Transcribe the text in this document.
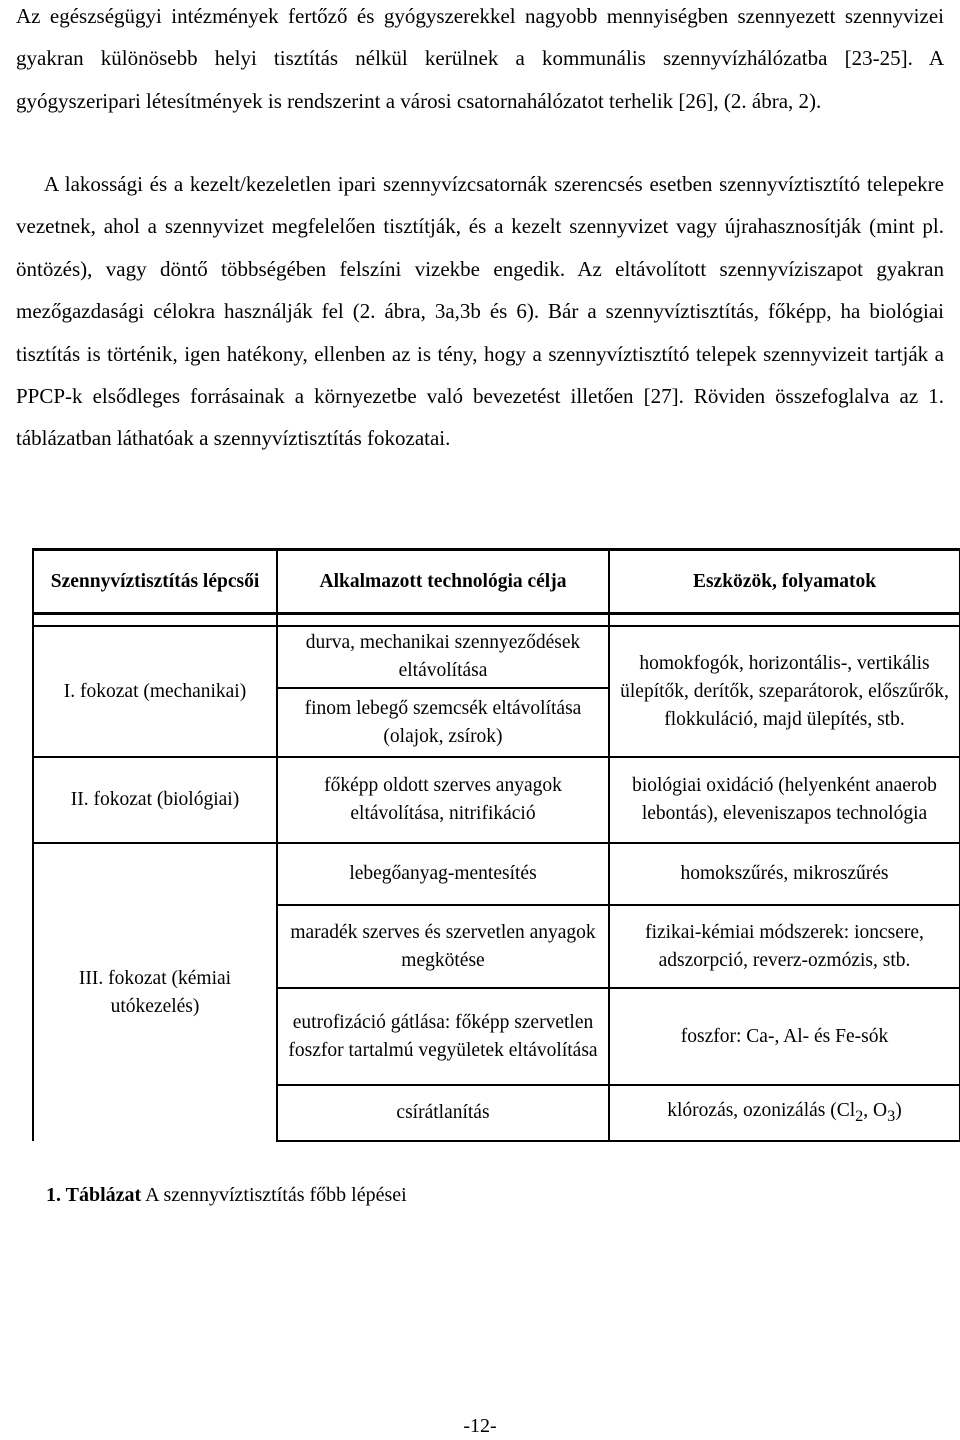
Az egészségügyi intézmények fertőző és gyógyszerekkel nagyobb mennyiségben szennyezett szennyvizei gyakran különösebb helyi tisztítás nélkül kerülnek a kommunális szennyvízhálózatba [23-25]. A gyógyszeripari létesítmények is rendszerint a városi csatornahálózatot terhelik [26], (2. ábra, 2).

A lakossági és a kezelt/kezeletlen ipari szennyvízcsatornák szerencsés esetben szennyvíztisztító telepekre vezetnek, ahol a szennyvizet megfelelően tisztítják, és a kezelt szennyvizet vagy újrahasznosítják (mint pl. öntözés), vagy döntő többségében felszíni vizekbe engedik. Az eltávolított szennyvíziszapot gyakran mezőgazdasági célokra használják fel (2. ábra, 3a,3b és 6). Bár a szennyvíztisztítás, főképp, ha biológiai tisztítás is történik, igen hatékony, ellenben az is tény, hogy a szennyvíztisztító telepek szennyvizeit tartják a PPCP-k elsődleges forrásainak a környezetbe való bevezetést illetően [27]. Röviden összefoglalva az 1. táblázatban láthatóak a szennyvíztisztítás fokozatai.

Szennyvíztisztítás lépcsői	Alkalmazott technológia célja	Eszközök, folyamatok

I. fokozat (mechanikai)	durva, mechanikai szennyeződések eltávolítása	homokfogók, horizontális-, vertikális ülepítők, derítők, szeparátorok, előszűrők, flokkuláció, majd ülepítés, stb.
	finom lebegő szemcsék eltávolítása (olajok, zsírok)	
II. fokozat (biológiai)	főképp oldott szerves anyagok eltávolítása, nitrifikáció	biológiai oxidáció (helyenként anaerob lebontás), eleveniszapos technológia
III. fokozat (kémiai utókezelés)	lebegőanyag-mentesítés	homokszűrés, mikroszűrés
	maradék szerves és szervetlen anyagok megkötése	fizikai-kémiai módszerek: ioncsere, adszorpció, reverz-ozmózis, stb.
	eutrofizáció gátlása: főképp szervetlen foszfor tartalmú vegyületek eltávolítása	foszfor: Ca-, Al- és Fe-sók
	csírátlanítás	klórozás, ozonizálás ($Cl_2$, $O_3$)

1. Táblázat A szennyvíztisztítás főbb lépései

-12-
